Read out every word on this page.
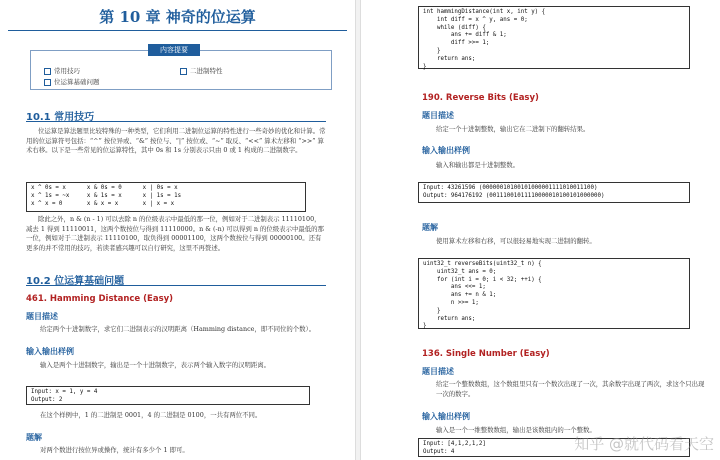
第 10 章 神奇的位运算
内容提要
常用技巧	二进制特性
位运算基础问题
10.1 常用技巧

位运算是算法题里比较特殊的一种类型，它们利用二进制位运算的特性进行一些奇妙的优化和计算。常用的位运算符号包括：“^” 按位异或、“&” 按位与、“|” 按位或、“~” 取反、“<<” 算术左移和 “>>” 算术右移。以下是一些常见的位运算特性，其中 0s 和 1s 分别表示只由 0 或 1 构成的二进制数字。

x ^ 0s = x      x & 0s = 0      x | 0s = x
x ^ 1s = ~x     x & 1s = x      x | 1s = 1s
x ^ x = 0       x & x = x       x | x = x

除此之外，n & (n - 1) 可以去除 n 的位级表示中最低的那一位，例如对于二进制表示 11110100，减去 1 得到 11110011，这两个数按位与得到 11110000。n & (-n) 可以得到 n 的位级表示中最低的那一位，例如对于二进制表示 11110100，取负得到 00001100，这两个数按位与得到 00000100。还有更多的并不常用的技巧，若读者感兴趣可以自行研究，这里不再赘述。

10.2 位运算基础问题
461. Hamming Distance (Easy)
题目描述
给定两个十进制数字，求它们二进制表示的汉明距离（Hamming distance，即不同位的个数）。
输入输出样例
输入是两个十进制数字，输出是一个十进制数字，表示两个输入数字的汉明距离。
Input: x = 1, y = 4
Output: 2
在这个样例中，1 的二进制是 0001，4 的二进制是 0100，一共有两位不同。
题解
对两个数进行按位异或操作，统计有多少个 1 即可。
int hammingDistance(int x, int y) {
int diff = x ^ y, ans = 0;
while (diff) {
ans += diff & 1;
diff >>= 1;
}
return ans;
}
190. Reverse Bits (Easy)
题目描述
给定一个十进制整数，输出它在二进制下的翻转结果。
输入输出样例
输入和输出都是十进制整数。
Input: 43261596 (00000010100101000001111010011100)
Output: 964176192 (00111001011110000010100101000000)
题解
使用算术左移和右移，可以很轻易地实现二进制的翻转。
uint32_t reverseBits(uint32_t n) {
uint32_t ans = 0;
for (int i = 0; i < 32; ++i) {
ans <<= 1;
ans += n & 1;
n >>= 1;
}
return ans;
}
136. Single Number (Easy)
题目描述
给定一个整数数组，这个数组里只有一个数次出现了一次，其余数字出现了两次，求这个只出现一次的数字。
输入输出样例
输入是一个一维整数数组，输出是该数组内的一个整数。
Input: [4,1,2,1,2]
Output: 4	知乎 @就代码看天空
